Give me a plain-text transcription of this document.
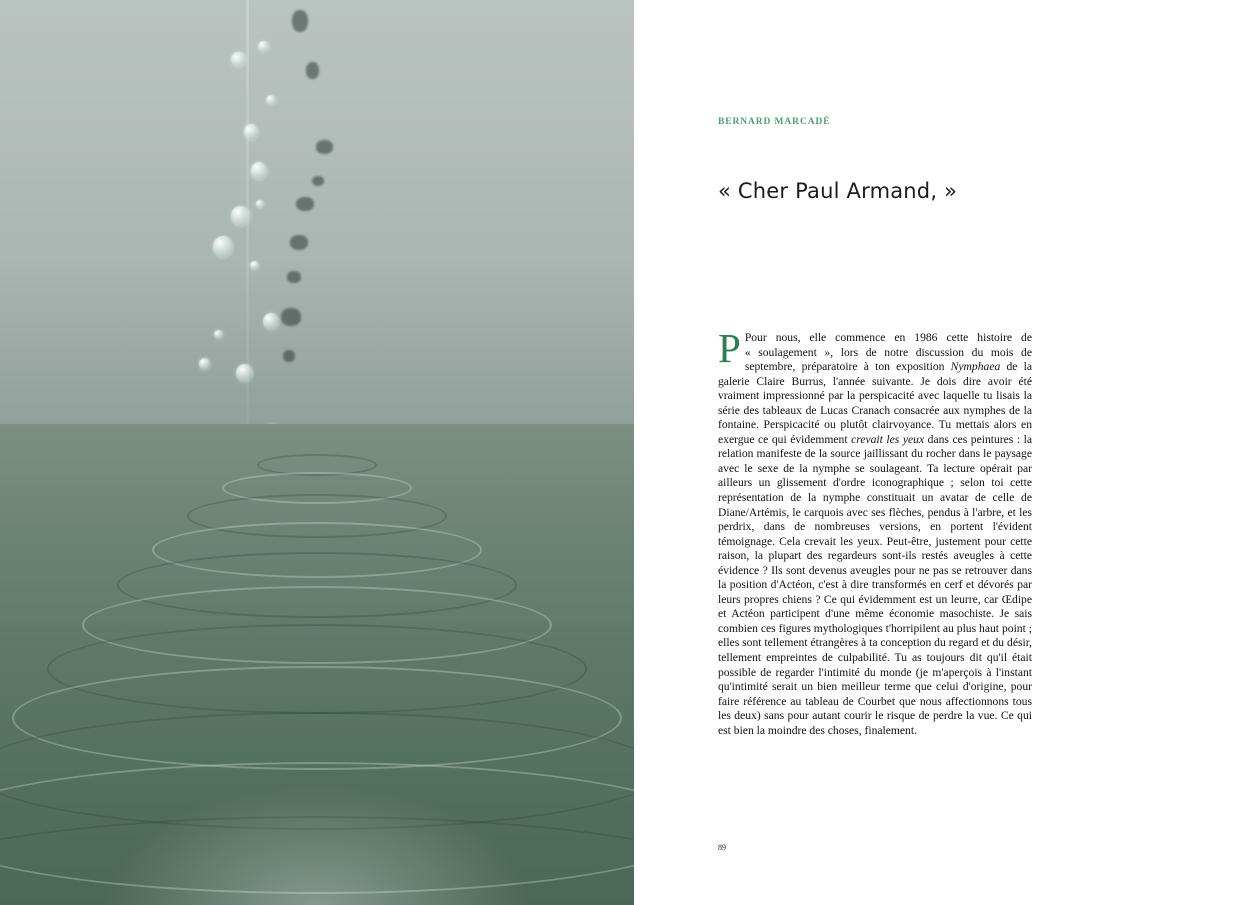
BERNARD MARCADÉ
« Cher Paul Armand, »
P Pour nous, elle commence en 1986 cette histoire de « soulagement », lors de notre discussion du mois de septembre, préparatoire à ton exposition Nymphaea de la galerie Claire Burrus, l'année suivante. Je dois dire avoir été vraiment impressionné par la perspicacité avec laquelle tu lisais la série des tableaux de Lucas Cranach consacrée aux nymphes de la fontaine. Perspicacité ou plutôt clairvoyance. Tu mettais alors en exergue ce qui évidemment crevait les yeux dans ces peintures : la relation manifeste de la source jaillissant du rocher dans le paysage avec le sexe de la nymphe se soulageant. Ta lecture opérait par ailleurs un glissement d'ordre iconographique ; selon toi cette représentation de la nymphe constituait un avatar de celle de Diane/Artémis, le carquois avec ses flèches, pendus à l'arbre, et les perdrix, dans de nombreuses versions, en portent l'évident témoignage. Cela crevait les yeux. Peut-être, justement pour cette raison, la plupart des regardeurs sont-ils restés aveugles à cette évidence ? Ils sont devenus aveugles pour ne pas se retrouver dans la position d'Actéon, c'est à dire transformés en cerf et dévorés par leurs propres chiens ? Ce qui évidemment est un leurre, car Œdipe et Actéon participent d'une même économie masochiste. Je sais combien ces figures mythologiques t'horripilent au plus haut point ; elles sont tellement étrangères à ta conception du regard et du désir, tellement empreintes de culpabilité. Tu as toujours dit qu'il était possible de regarder l'intimité du monde (je m'aperçois à l'instant qu'intimité serait un bien meilleur terme que celui d'origine, pour faire référence au tableau de Courbet que nous affectionnons tous les deux) sans pour autant courir le risque de perdre la vue. Ce qui est bien la moindre des choses, finalement.
89
